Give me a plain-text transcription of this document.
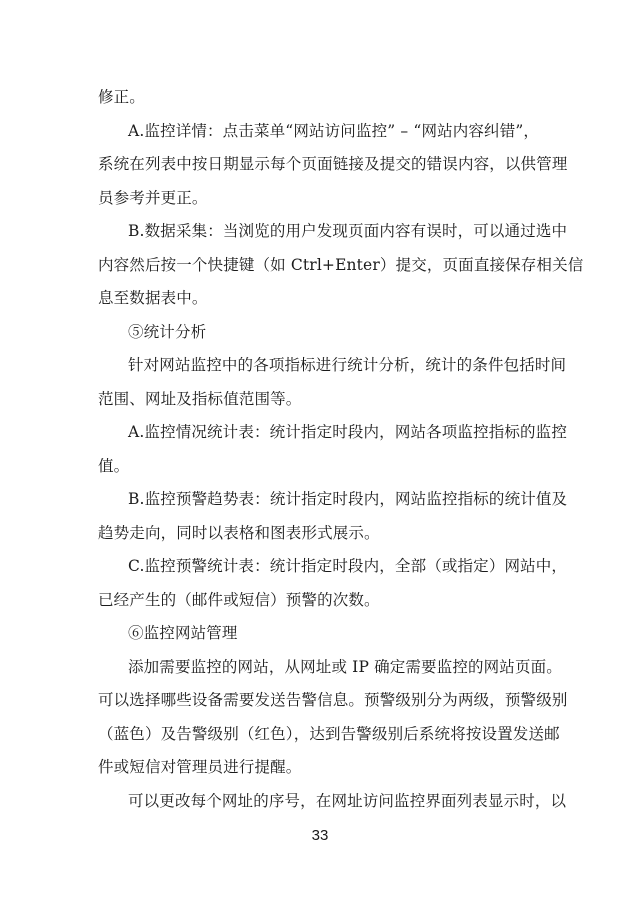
修正。
A.监控详情：点击菜单“网站访问监控” – “网站内容纠错”，
系统在列表中按日期显示每个页面链接及提交的错误内容，以供管理
员参考并更正。
B.数据采集：当浏览的用户发现页面内容有误时，可以通过选中
内容然后按一个快捷键（如 Ctrl+Enter）提交，页面直接保存相关信
息至数据表中。
⑤统计分析
针对网站监控中的各项指标进行统计分析，统计的条件包括时间
范围、网址及指标值范围等。
A.监控情况统计表：统计指定时段内，网站各项监控指标的监控
值。
B.监控预警趋势表：统计指定时段内，网站监控指标的统计值及
趋势走向，同时以表格和图表形式展示。
C.监控预警统计表：统计指定时段内，全部（或指定）网站中，
已经产生的（邮件或短信）预警的次数。
⑥监控网站管理
添加需要监控的网站，从网址或 IP 确定需要监控的网站页面。
可以选择哪些设备需要发送告警信息。预警级别分为两级，预警级别
（蓝色）及告警级别（红色），达到告警级别后系统将按设置发送邮
件或短信对管理员进行提醒。
可以更改每个网址的序号，在网址访问监控界面列表显示时，以
33
